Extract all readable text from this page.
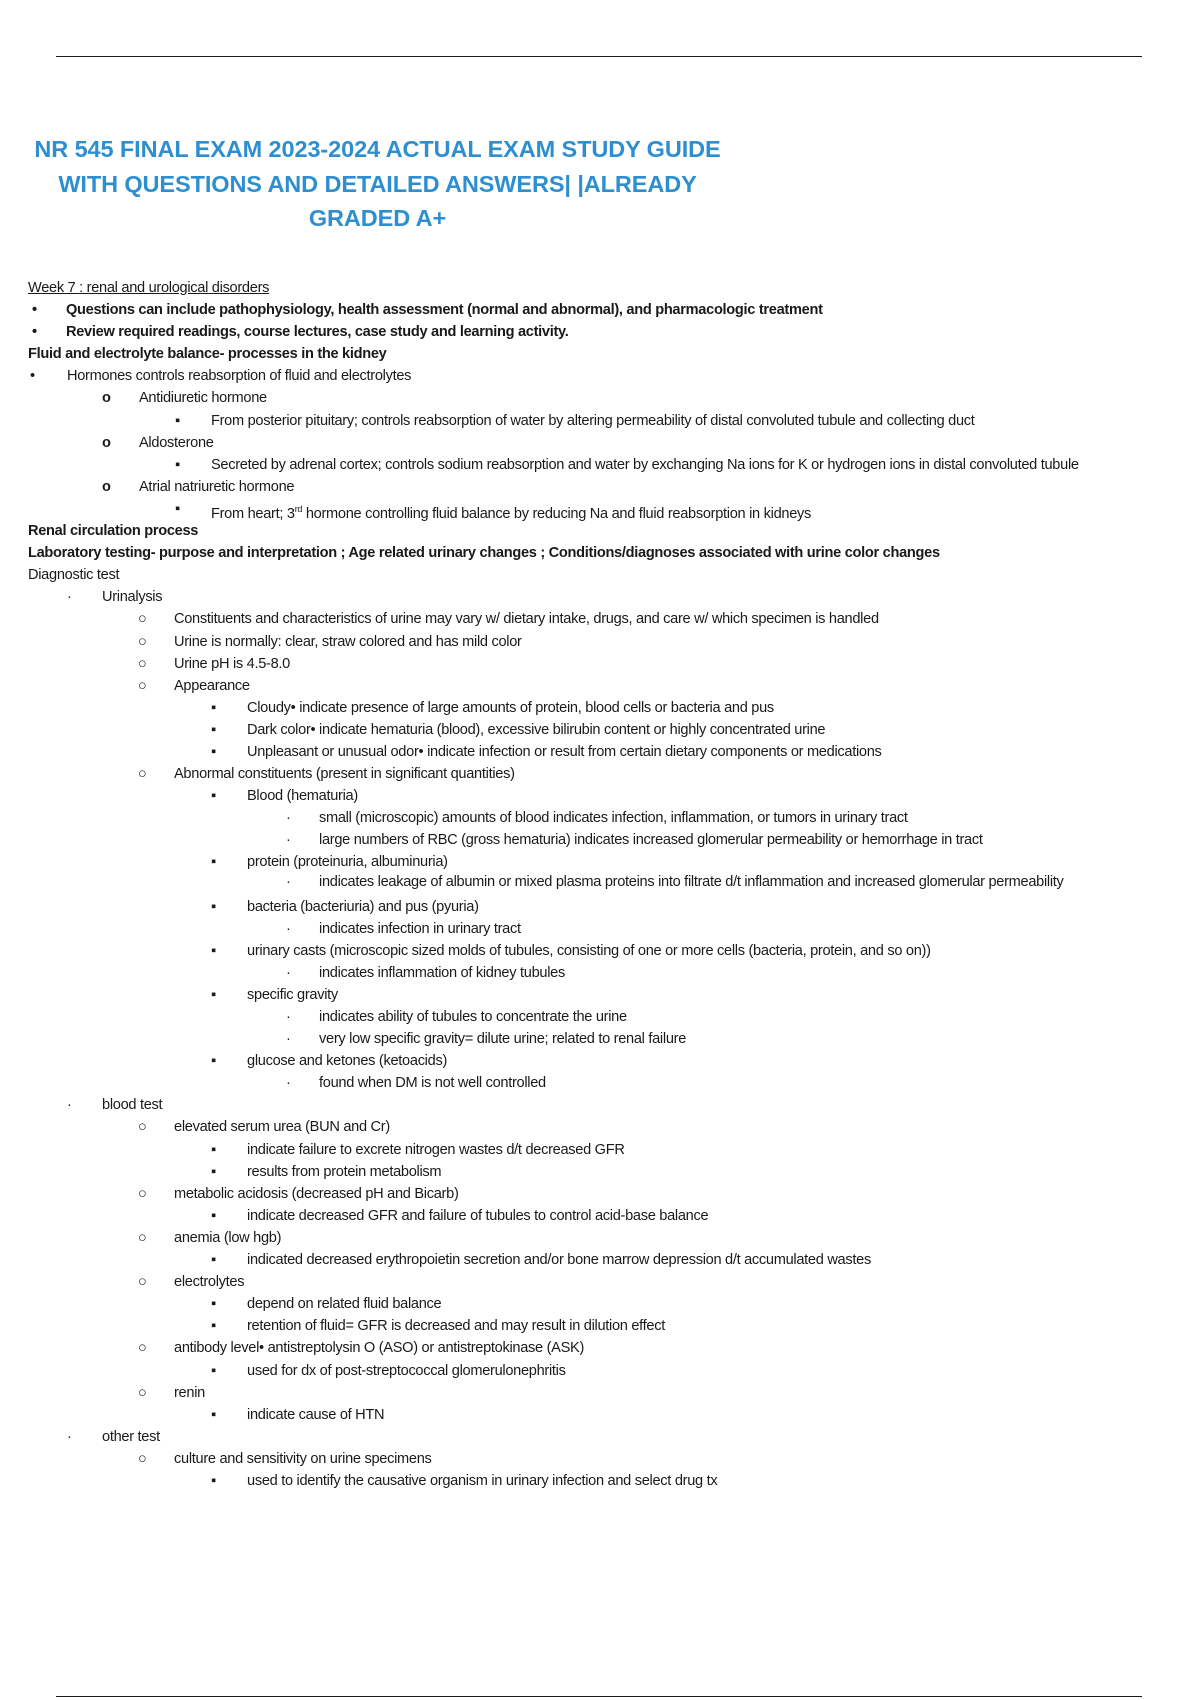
NR 545 FINAL EXAM 2023-2024 ACTUAL EXAM STUDY GUIDE
WITH QUESTIONS AND DETAILED ANSWERS| |ALREADY
GRADED A+
Week 7 : renal and urological disorders
• Questions can include pathophysiology, health assessment (normal and abnormal), and pharmacologic treatment
• Review required readings, course lectures, case study and learning activity.
Fluid and electrolyte balance- processes in the kidney
• Hormones controls reabsorption of fluid and electrolytes
o Antidiuretic hormone
▪ From posterior pituitary; controls reabsorption of water by altering permeability of distal convoluted tubule and collecting duct
o Aldosterone
▪ Secreted by adrenal cortex; controls sodium reabsorption and water by exchanging Na ions for K or hydrogen ions in distal convoluted tubule
o Atrial natriuretic hormone
▪ From heart; 3rd hormone controlling fluid balance by reducing Na and fluid reabsorption in kidneys
Renal circulation process
Laboratory testing- purpose and interpretation ; Age related urinary changes ; Conditions/diagnoses associated with urine color changes
Diagnostic test
· Urinalysis
○ Constituents and characteristics of urine may vary w/ dietary intake, drugs, and care w/ which specimen is handled
○ Urine is normally: clear, straw colored and has mild color
○ Urine pH is 4.5-8.0
○ Appearance
▪ Cloudy• indicate presence of large amounts of protein, blood cells or bacteria and pus
▪ Dark color• indicate hematuria (blood), excessive bilirubin content or highly concentrated urine
▪ Unpleasant or unusual odor• indicate infection or result from certain dietary components or medications
○ Abnormal constituents (present in significant quantities)
▪ Blood (hematuria)
· small (microscopic) amounts of blood indicates infection, inflammation, or tumors in urinary tract
· large numbers of RBC (gross hematuria) indicates increased glomerular permeability or hemorrhage in tract
▪ protein (proteinuria, albuminuria)
· indicates leakage of albumin or mixed plasma proteins into filtrate d/t inflammation and increased glomerular permeability
▪ bacteria (bacteriuria) and pus (pyuria)
· indicates infection in urinary tract
▪ urinary casts (microscopic sized molds of tubules, consisting of one or more cells (bacteria, protein, and so on))
· indicates inflammation of kidney tubules
▪ specific gravity
· indicates ability of tubules to concentrate the urine
· very low specific gravity= dilute urine; related to renal failure
▪ glucose and ketones (ketoacids)
· found when DM is not well controlled
· blood test
○ elevated serum urea (BUN and Cr)
▪ indicate failure to excrete nitrogen wastes d/t decreased GFR
▪ results from protein metabolism
○ metabolic acidosis (decreased pH and Bicarb)
▪ indicate decreased GFR and failure of tubules to control acid-base balance
○ anemia (low hgb)
▪ indicated decreased erythropoietin secretion and/or bone marrow depression d/t accumulated wastes
○ electrolytes
▪ depend on related fluid balance
▪ retention of fluid= GFR is decreased and may result in dilution effect
○ antibody level• antistreptolysin O (ASO) or antistreptokinase (ASK)
▪ used for dx of post-streptococcal glomerulonephritis
○ renin
▪ indicate cause of HTN
· other test
○ culture and sensitivity on urine specimens
▪ used to identify the causative organism in urinary infection and select drug tx
